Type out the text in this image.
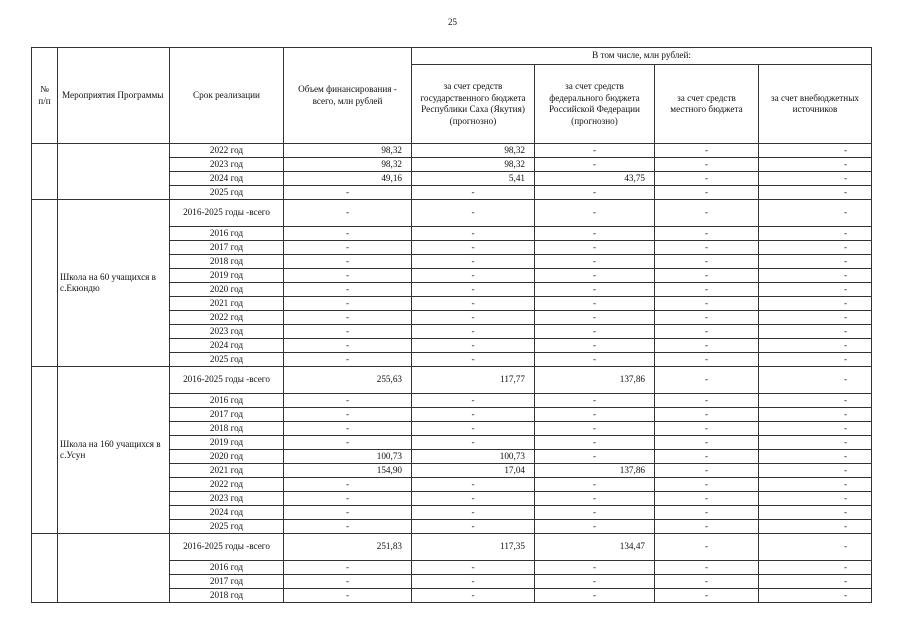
25
№ п/п	Мероприятия Программы	Срок реализации	Объем финансирования - всего, млн рублей	В том числе, млн рублей:			
				за счет средств государственного бюджета Республики Саха (Якутия) (прогнозно)	за счет средств федерального бюджета Российской Федерации (прогнозно)	за счет средств местного бюджета	за счет внебюджетных источников
		2022 год	98,32	98,32	-	-	-
		2023 год	98,32	98,32	-	-	-
		2024 год	49,16	5,41	43,75	-	-
		2025 год	-	-	-	-	-
	Школа на 60 учащихся в с.Екюндю	2016-2025 годы -всего	-	-	-	-	-
		2016 год	-	-	-	-	-
		2017 год	-	-	-	-	-
		2018 год	-	-	-	-	-
		2019 год	-	-	-	-	-
		2020 год	-	-	-	-	-
		2021 год	-	-	-	-	-
		2022 год	-	-	-	-	-
		2023 год	-	-	-	-	-
		2024 год	-	-	-	-	-
		2025 год	-	-	-	-	-
	Школа на 160 учащихся в с.Усун	2016-2025 годы -всего	255,63	117,77	137,86	-	-
		2016 год	-	-	-	-	-
		2017 год	-	-	-	-	-
		2018 год	-	-	-	-	-
		2019 год	-	-	-	-	-
		2020 год	100,73	100,73	-	-	-
		2021 год	154,90	17,04	137,86	-	-
		2022 год	-	-	-	-	-
		2023 год	-	-	-	-	-
		2024 год	-	-	-	-	-
		2025 год	-	-	-	-	-
		2016-2025 годы -всего	251,83	117,35	134,47	-	-
		2016 год	-	-	-	-	-
		2017 год	-	-	-	-	-
		2018 год	-	-	-	-	-
